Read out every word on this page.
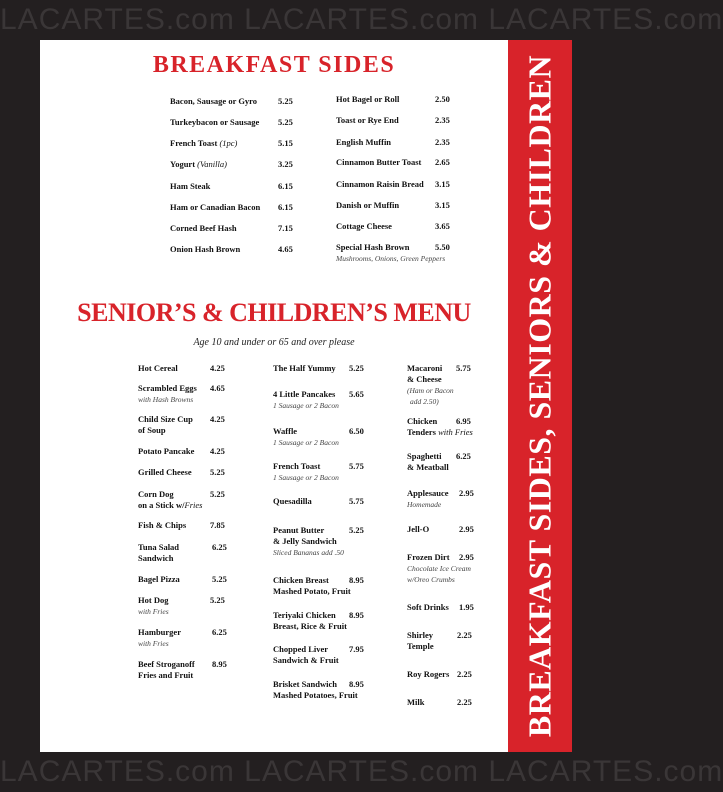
LACARTES.com LACARTES.com LACARTES.com
LACARTES.com LACARTES.com LACARTES.com
BREAKFAST SIDES
Bacon, Sausage or Gyro 5.25
Turkeybacon or Sausage 5.25
French Toast (1pc)	5.15
Yogurt (Vanilla)	3.25
Ham Steak	6.15
Ham or Canadian Bacon 6.15
Corned Beef Hash	7.15
Onion Hash Brown	4.65
Hot Bagel or Roll	2.50
Toast or Rye End	2.35
English Muffin	2.35
Cinnamon Butter Toast 2.65
Cinnamon Raisin Bread 3.15
Danish or Muffin	3.15
Cottage Cheese	3.65
Special Hash Brown	5.50
Mushrooms, Onions, Green Peppers
SENIOR’S & CHILDREN’S MENU
Age 10 and under or 65 and over please
Hot Cereal	4.25
Scrambled Eggs 4.65
with Hash Browns
Child Size Cup 4.25
of Soup
Potato Pancake 4.25
Grilled Cheese 5.25
Corn Dog	5.25
on a Stick w/Fries
Fish & Chips	7.85
Tuna Salad	6.25
Sandwich
Bagel Pizza	5.25
Hot Dog	5.25
with Fries
Hamburger	6.25
with Fries
Beef Stroganoff 8.95
Fries and Fruit
The Half Yummy 5.25
4 Little Pancakes 5.65
1 Sausage or 2 Bacon
Waffle	6.50
1 Sausage or 2 Bacon
French Toast	5.75
1 Sausage or 2 Bacon
Quesadilla	5.75
Peanut Butter	5.25
& Jelly Sandwich
Sliced Bananas add .50
Chicken Breast 8.95
Mashed Potato, Fruit
Teriyaki Chicken 8.95
Breast, Rice & Fruit
Chopped Liver 7.95
Sandwich & Fruit
Brisket Sandwich 8.95
Mashed Potatoes, Fruit
Macaroni 5.75
& Cheese
(Ham or Bacon
add 2.50)
Chicken 6.95
Tenders with Fries
Spaghetti 6.25
& Meatball
Applesauce 2.95
Homemade
Jell-O	2.95
Frozen Dirt 2.95
Chocolate Ice Cream
w/Oreo Crumbs
Soft Drinks 1.95
Shirley	2.25
Temple
Roy Rogers 2.25
Milk	2.25 BREAKFAST SIDES, SENIORS & CHILDREN
